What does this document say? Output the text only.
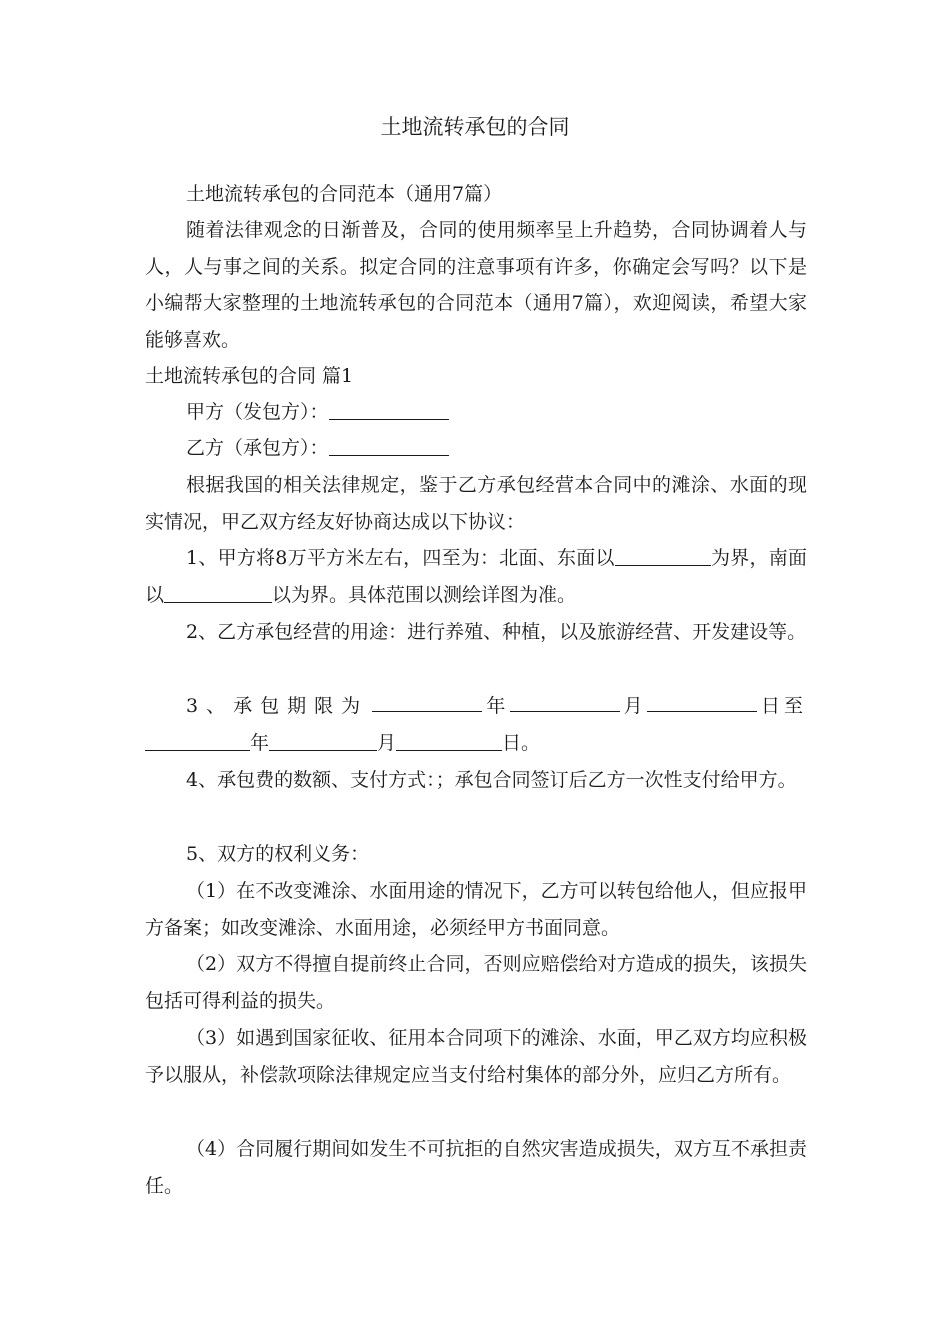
土地流转承包的合同
土地流转承包的合同范本（通用7篇）
随着法律观念的日渐普及，合同的使用频率呈上升趋势，合同协调着人与人，人与事之间的关系。拟定合同的注意事项有许多，你确定会写吗？以下是小编帮大家整理的土地流转承包的合同范本（通用7篇），欢迎阅读，希望大家能够喜欢。
土地流转承包的合同 篇1
甲方（发包方）：
乙方（承包方）：
根据我国的相关法律规定，鉴于乙方承包经营本合同中的滩涂、水面的现实情况，甲乙双方经友好协商达成以下协议：
1、甲方将8万平方米左右，四至为：北面、东面以	为界，南面以	以为界。具体范围以测绘详图为准。
2、乙方承包经营的用途：进行养殖、种植，以及旅游经营、开发建设等。
3、承包期限为	年	月	日至
年	月	日。
4、承包费的数额、支付方式：；承包合同签订后乙方一次性支付给甲方。
5、双方的权利义务：
（1）在不改变滩涂、水面用途的情况下，乙方可以转包给他人，但应报甲方备案；如改变滩涂、水面用途，必须经甲方书面同意。
（2）双方不得擅自提前终止合同，否则应赔偿给对方造成的损失，该损失包括可得利益的损失。
（3）如遇到国家征收、征用本合同项下的滩涂、水面，甲乙双方均应积极予以服从，补偿款项除法律规定应当支付给村集体的部分外，应归乙方所有。
（4）合同履行期间如发生不可抗拒的自然灾害造成损失，双方互不承担责任。
